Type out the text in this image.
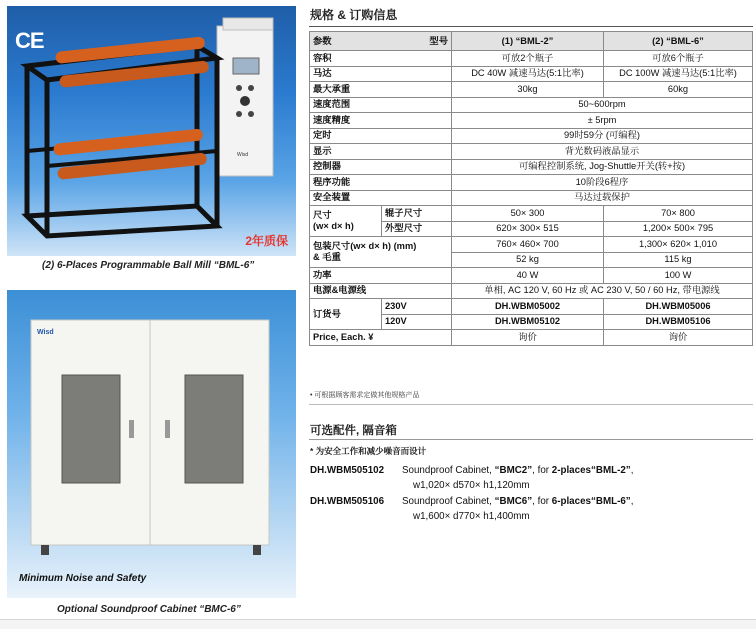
Wisd
CE
2年质保
(2) 6-Places Programmable Ball Mill “BML-6”
Wisd
Minimum Noise and Safety
Optional Soundproof Cabinet “BMC-6”
规格 & 订购信息
参数 型号		(1) “BML-2”	(2) “BML-6”
容积		可放2个瓶子	可放6个瓶子
马达		DC 40W 减速马达(5:1比率)	DC 100W 减速马达(5:1比率)
最大承重		30kg	60kg
速度范围		50~600rpm	
速度精度		± 5rpm	
定时		99时59分 (可编程)	
显示		背光数码液晶显示	
控制器		可编程控制系统, Jog-Shuttle开关(转+按)	
程序功能		10阶段6程序	
安全装置		马达过载保护	
尺寸
(w× d× h)	辊子尺寸	50× 300	70× 800
	外型尺寸	620× 300× 515	1,200× 500× 795
包装尺寸(w× d× h) (mm)
& 毛重		760× 460× 700	1,300× 620× 1,010
		52 kg	115 kg
功率		40 W	100 W
电源&电源线		单相, AC 120 V, 60 Hz 或 AC 230 V, 50 / 60 Hz, 带电源线	
订货号	230V	DH.WBM05002	DH.WBM05006
	120V	DH.WBM05102	DH.WBM05106
Price, Each. ¥		询价	询价
• 可根据顾客需求定做其他规格产品
可选配件, 隔音箱
* 为安全工作和减少噪音而设计
DH.WBM505102 Soundproof Cabinet, “BMC2”, for 2-places“BML-2”,
w1,020× d570× h1,120mm
DH.WBM505106 Soundproof Cabinet, “BMC6”, for 6-places“BML-6”,
w1,600× d770× h1,400mm
